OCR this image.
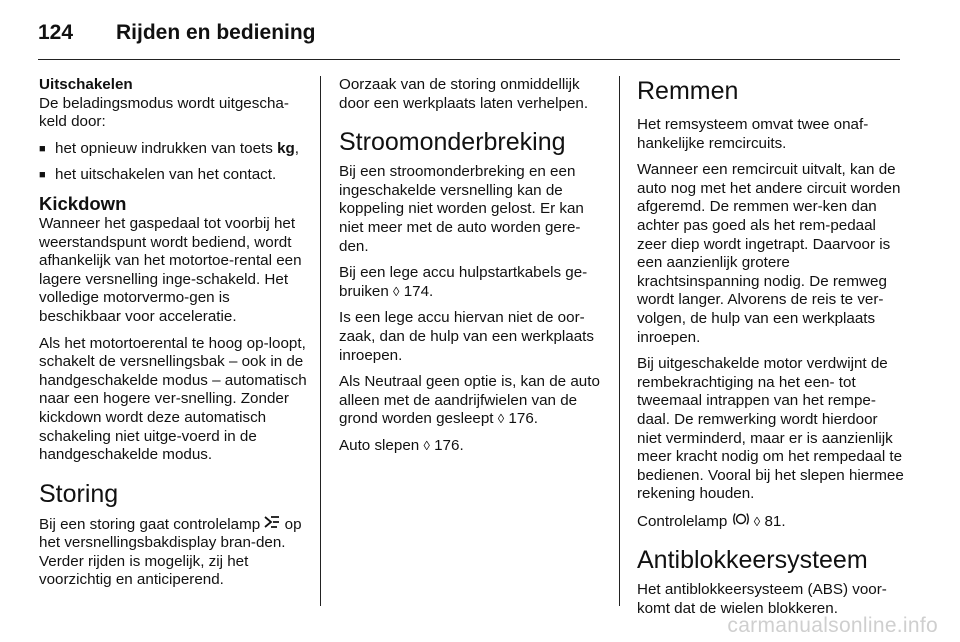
124	Rijden en bediening
Uitschakelen

De beladingsmodus wordt uitgescha-keld door:

■ het opnieuw indrukken van toets kg,
■ het uitschakelen van het contact.
Kickdown

Wanneer het gaspedaal tot voorbij het weerstandspunt wordt bediend, wordt afhankelijk van het motortoe-rental een lagere versnelling inge-schakeld. Het volledige motorvermo-gen is beschikbaar voor acceleratie.

Als het motortoerental te hoog op-loopt, schakelt de versnellingsbak – ook in de handgeschakelde modus – automatisch naar een hogere ver-snelling. Zonder kickdown wordt deze automatisch schakeling niet uitge-voerd in de handgeschakelde modus.

Storing

Bij een storing gaat controlelamp  op het versnellingsbakdisplay bran-den. Verder rijden is mogelijk, zij het voorzichtig en anticiperend.

Oorzaak van de storing onmiddellijk door een werkplaats laten verhelpen.

Stroomonderbreking

Bij een stroomonderbreking en een ingeschakelde versnelling kan de koppeling niet worden gelost. Er kan niet meer met de auto worden gere-den.

Bij een lege accu hulpstartkabels ge-bruiken ◊ 174.

Is een lege accu hiervan niet de oor-zaak, dan de hulp van een werkplaats inroepen.

Als Neutraal geen optie is, kan de auto alleen met de aandrijfwielen van de grond worden gesleept ◊ 176.

Auto slepen ◊ 176.

Remmen

Het remsysteem omvat twee onaf-hankelijke remcircuits.

Wanneer een remcircuit uitvalt, kan de auto nog met het andere circuit worden afgeremd. De remmen wer-ken dan achter pas goed als het rem-pedaal zeer diep wordt ingetrapt. Daarvoor is een aanzienlijk grotere krachtsinspanning nodig. De remweg wordt langer. Alvorens de reis te ver-volgen, de hulp van een werkplaats inroepen.

Bij uitgeschakelde motor verdwijnt de rembekrachtiging na het een- tot tweemaal intrappen van het rempe-daal. De remwerking wordt hierdoor niet verminderd, maar er is aanzienlijk meer kracht nodig om het rempedaal te bedienen. Vooral bij het slepen hiermee rekening houden.

Controlelamp  ◊ 81.

Antiblokkeersysteem

Het antiblokkeersysteem (ABS) voor-komt dat de wielen blokkeren.

carmanualsonline.info
